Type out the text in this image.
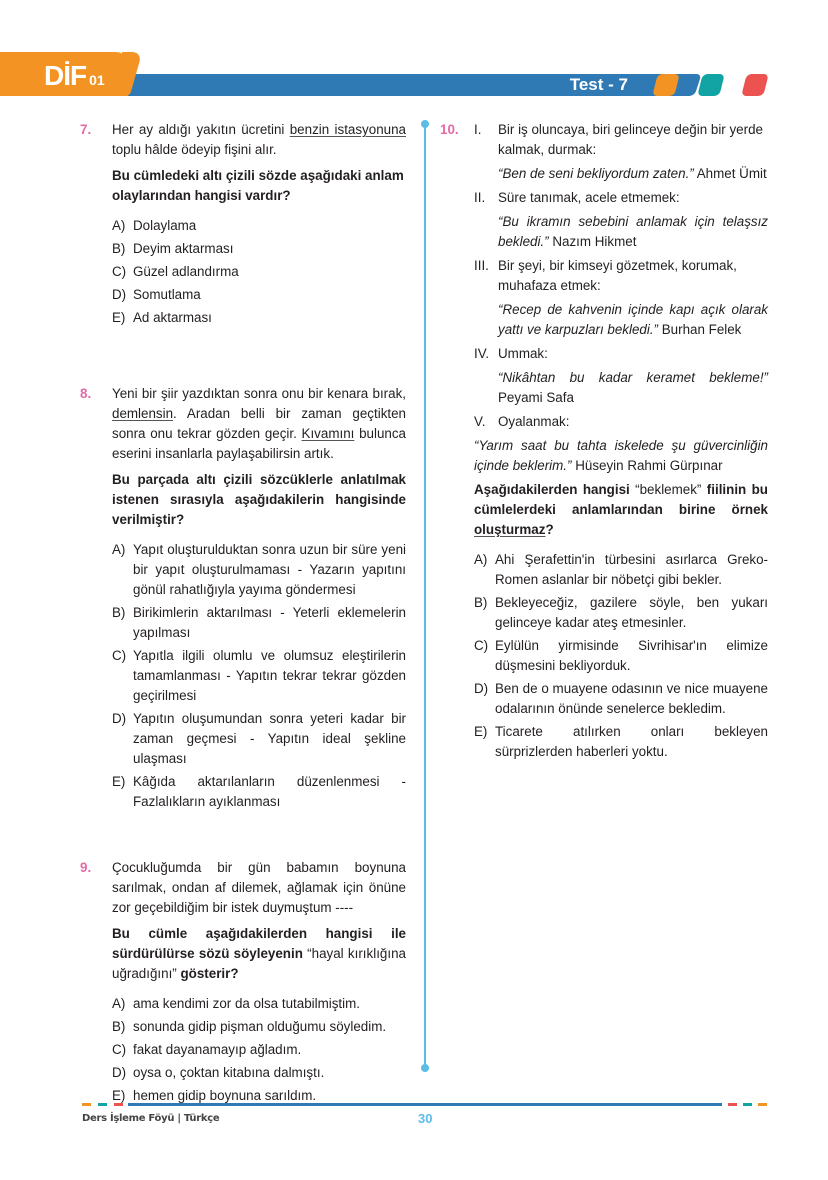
DİF 01	Test - 7
7. Her ay aldığı yakıtın ücretini benzin istasyonuna toplu hâlde ödeyip fişini alır.

Bu cümledeki altı çizili sözde aşağıdaki anlam olaylarından hangisi vardır?

A) Dolaylama
B) Deyim aktarması
C) Güzel adlandırma
D) Somutlama
E) Ad aktarması
8. Yeni bir şiir yazdıktan sonra onu bir kenara bırak, demlensin. Aradan belli bir zaman geçtikten sonra onu tekrar gözden geçir. Kıvamını bulunca eserini insanlarla paylaşabilirsin artık.

Bu parçada altı çizili sözcüklerle anlatılmak istenen sırasıyla aşağıdakilerin hangisinde verilmiştir?

A) Yapıt oluşturulduktan sonra uzun bir süre yeni bir yapıt oluşturulmaması - Yazarın yapıtını gönül rahatlığıyla yayıma göndermesi
B) Birikimlerin aktarılması - Yeterli eklemelerin yapılması
C) Yapıtla ilgili olumlu ve olumsuz eleştirilerin tamamlanması - Yapıtın tekrar tekrar gözden geçirilmesi
D) Yapıtın oluşumundan sonra yeteri kadar bir zaman geçmesi - Yapıtın ideal şekline ulaşması
E) Kâğıda aktarılanların düzenlenmesi - Fazlalıkların ayıklanması
9. Çocukluğumda bir gün babamın boynuna sarılmak, ondan af dilemek, ağlamak için önüne zor geçebildiğim bir istek duymuştum ----

Bu cümle aşağıdakilerden hangisi ile sürdürülürse sözü söyleyenin “hayal kırıklığına uğradığını” gösterir?

A) ama kendimi zor da olsa tutabilmiştim.
B) sonunda gidip pişman olduğumu söyledim.
C) fakat dayanamayıp ağladım.
D) oysa o, çoktan kitabına dalmıştı.
E) hemen gidip boynuna sarıldım.
10. I. Bir iş oluncaya, biri gelinceye değin bir yerde kalmak, durmak:
“Ben de seni bekliyordum zaten.” Ahmet Ümit
II. Süre tanımak, acele etmemek:
“Bu ikramın sebebini anlamak için telaşsız bekledi.” Nazım Hikmet
III. Bir şeyi, bir kimseyi gözetmek, korumak, muhafaza etmek:
“Recep de kahvenin içinde kapı açık olarak yattı ve karpuzları bekledi.” Burhan Felek
IV. Ummak:
“Nikâhtan bu kadar keramet bekleme!” Peyami Safa
V. Oyalanmak:
“Yarım saat bu tahta iskelede şu güvercinliğin içinde beklerim.” Hüseyin Rahmi Gürpınar

Aşağıdakilerden hangisi “beklemek” fiilinin bu cümlelerdeki anlamlarından birine örnek oluşturmaz?

A) Ahi Şerafettin'in türbesini asırlarca Greko-Romen aslanlar bir nöbetçi gibi bekler.
B) Bekleyeceğiz, gazilere söyle, ben yukarı gelinceye kadar ateş etmesinler.
C) Eylülün yirmisinde Sivrihisar'ın elimize düşmesini bekliyorduk.
D) Ben de o muayene odasının ve nice muayene odalarının önünde senelerce bekledim.
E) Ticarete atılırken onları bekleyen sürprizlerden haberleri yoktu.
Ders İşleme Föyü | Türkçe	30
